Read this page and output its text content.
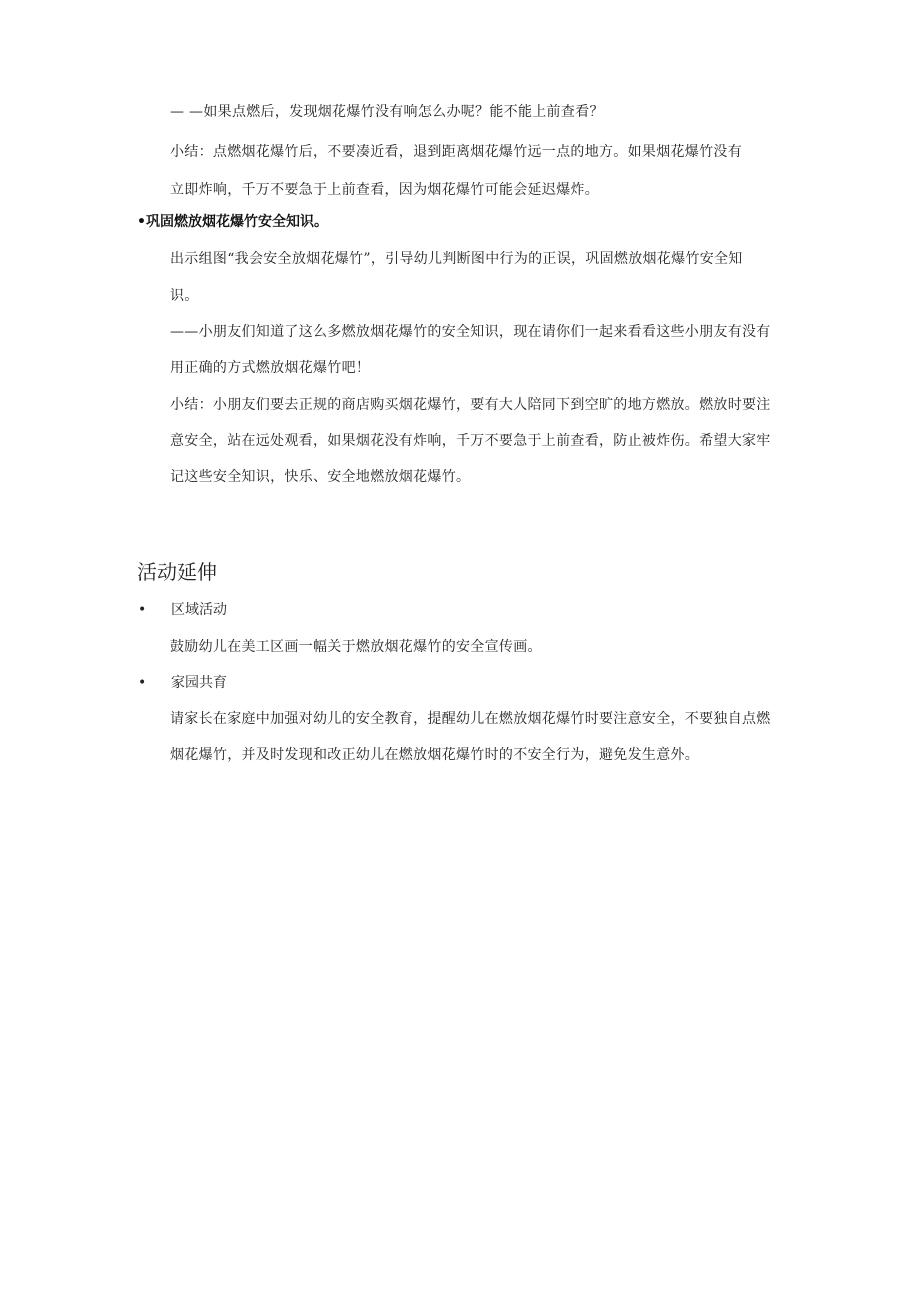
— —如果点燃后，发现烟花爆竹没有响怎么办呢？能不能上前查看？
小结：点燃烟花爆竹后，不要凑近看，退到距离烟花爆竹远一点的地方。如果烟花爆竹没有
立即炸响，千万不要急于上前查看，因为烟花爆竹可能会延迟爆炸。
•巩固燃放烟花爆竹安全知识。
出示组图“我会安全放烟花爆竹”，引导幼儿判断图中行为的正误，巩固燃放烟花爆竹安全知
识。
——小朋友们知道了这么多燃放烟花爆竹的安全知识，现在请你们一起来看看这些小朋友有没有
用正确的方式燃放烟花爆竹吧！
小结：小朋友们要去正规的商店购买烟花爆竹，要有大人陪同下到空旷的地方燃放。燃放时要注
意安全，站在远处观看，如果烟花没有炸响，千万不要急于上前查看，防止被炸伤。希望大家牢
记这些安全知识，快乐、安全地燃放烟花爆竹。
活动延伸
• 区域活动
鼓励幼儿在美工区画一幅关于燃放烟花爆竹的安全宣传画。
• 家园共育
请家长在家庭中加强对幼儿的安全教育，提醒幼儿在燃放烟花爆竹时要注意安全，不要独自点燃
烟花爆竹，并及时发现和改正幼儿在燃放烟花爆竹时的不安全行为，避免发生意外。
